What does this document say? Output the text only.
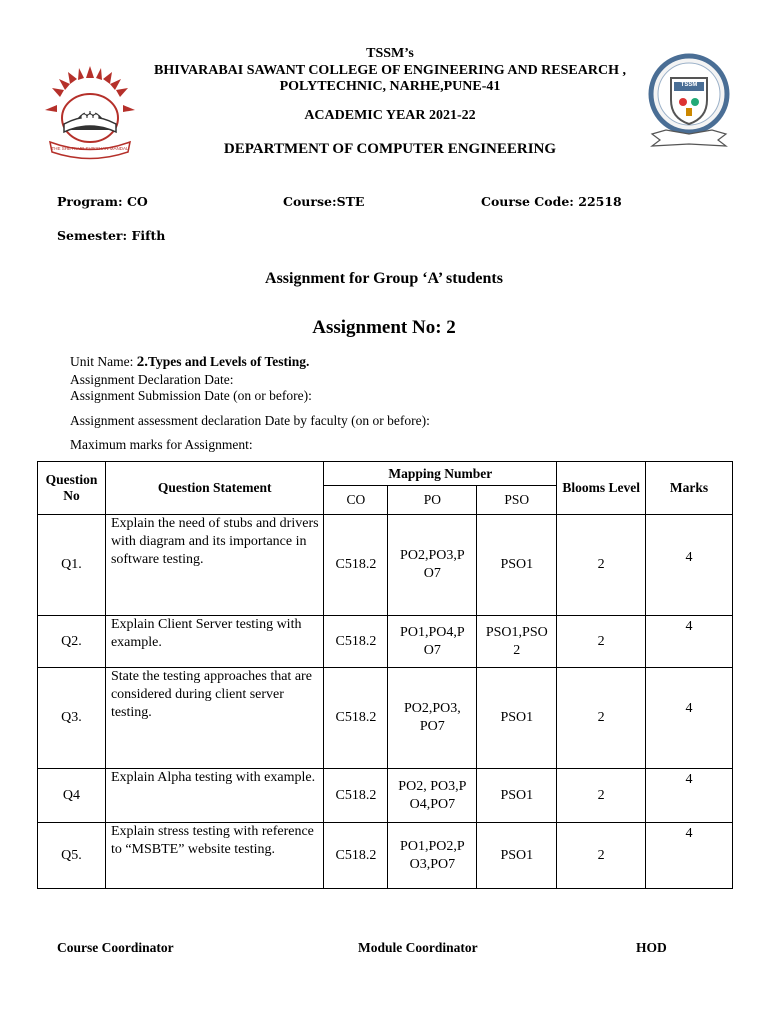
THE SHETKARI SHIKSHAN MANDAL
TSSM
TSSM’s
BHIVARABAI SAWANT COLLEGE OF ENGINEERING AND RESEARCH ,
POLYTECHNIC, NARHE,PUNE-41
ACADEMIC YEAR 2021-22
DEPARTMENT OF COMPUTER ENGINEERING
Program: CO	Course:STE	Course Code: 22518
Semester: Fifth
Assignment for Group ‘A’ students
Assignment No: 2
Unit Name: 2.Types and Levels of Testing.
Assignment Declaration Date:
Assignment Submission Date (on or before):
Assignment assessment declaration Date by faculty (on or before):
Maximum marks for Assignment:
Question No	Question Statement	Mapping Number			Blooms Level	Marks
		CO	PO	PSO		
Q1.	Explain the need of stubs and drivers with diagram and its importance in software testing.	C518.2	PO2,PO3,PO7	PSO1	2	4
Q2.	Explain Client Server testing with example.	C518.2	PO1,PO4,PO7	PSO1,PSO2	2	4
Q3.	State the testing approaches that are considered during client server testing.	C518.2	PO2,PO3, PO7	PSO1	2	4
Q4	Explain Alpha testing with example.	C518.2	PO2, PO3,PO4,PO7	PSO1	2	4
Q5.	Explain stress testing with reference to “MSBTE” website testing.	C518.2	PO1,PO2,PO3,PO7	PSO1	2	4
Course Coordinator	Module Coordinator	HOD
